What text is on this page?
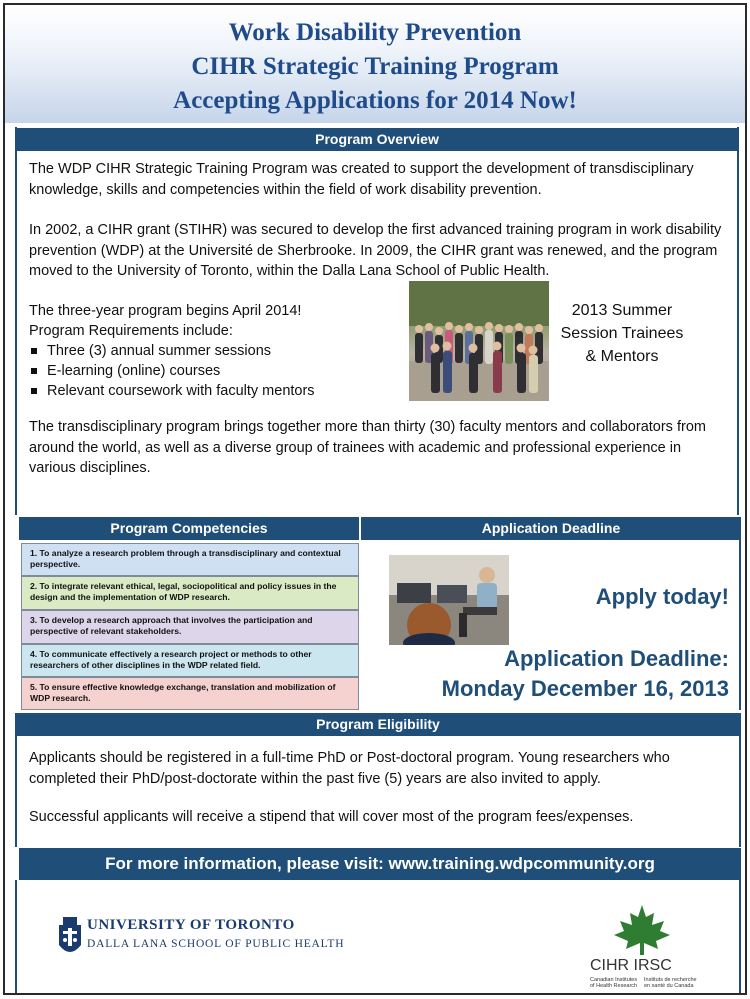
Work Disability Prevention
CIHR Strategic Training Program
Accepting Applications for 2014 Now!
Program Overview
The WDP CIHR Strategic Training Program was created to support the development of transdisciplinary knowledge, skills and competencies within the field of work disability prevention.
In 2002, a CIHR grant (STIHR) was secured to develop the first advanced training program in work disability prevention (WDP) at the Université de Sherbrooke. In 2009, the CIHR grant was renewed, and the program moved to the University of Toronto, within the Dalla Lana School of Public Health.
The three-year program begins April 2014!
Program Requirements include:
Three (3) annual summer sessions
E-learning (online) courses
Relevant coursework with faculty mentors
2013 Summer Session Trainees & Mentors
The transdisciplinary program brings together more than thirty (30) faculty mentors and collaborators from around the world, as well as a diverse group of trainees with academic and professional experience in various disciplines.
Program Competencies	Application Deadline
1. To analyze a research problem through a transdisciplinary and contextual perspective.
2. To integrate relevant ethical, legal, sociopolitical and policy issues in the design and the implementation of WDP research.
3. To develop a research approach that involves the participation and perspective of relevant stakeholders.
4. To communicate effectively a research project or methods to other researchers of other disciplines in the WDP related field.
5. To ensure effective knowledge exchange, translation and mobilization of WDP research.
Apply today!
Application Deadline:
Monday December 16, 2013
Program Eligibility
Applicants should be registered in a full-time PhD or Post-doctoral program. Young researchers who completed their PhD/post-doctorate within the past five (5) years are also invited to apply.
Successful applicants will receive a stipend that will cover most of the program fees/expenses.
For more information, please visit: www.training.wdpcommunity.org
UNIVERSITY OF TORONTO
DALLA LANA SCHOOL OF PUBLIC HEALTH
CIHR IRSC
Canadian Institutes of Health Research
Instituts de recherche en santé du Canada
